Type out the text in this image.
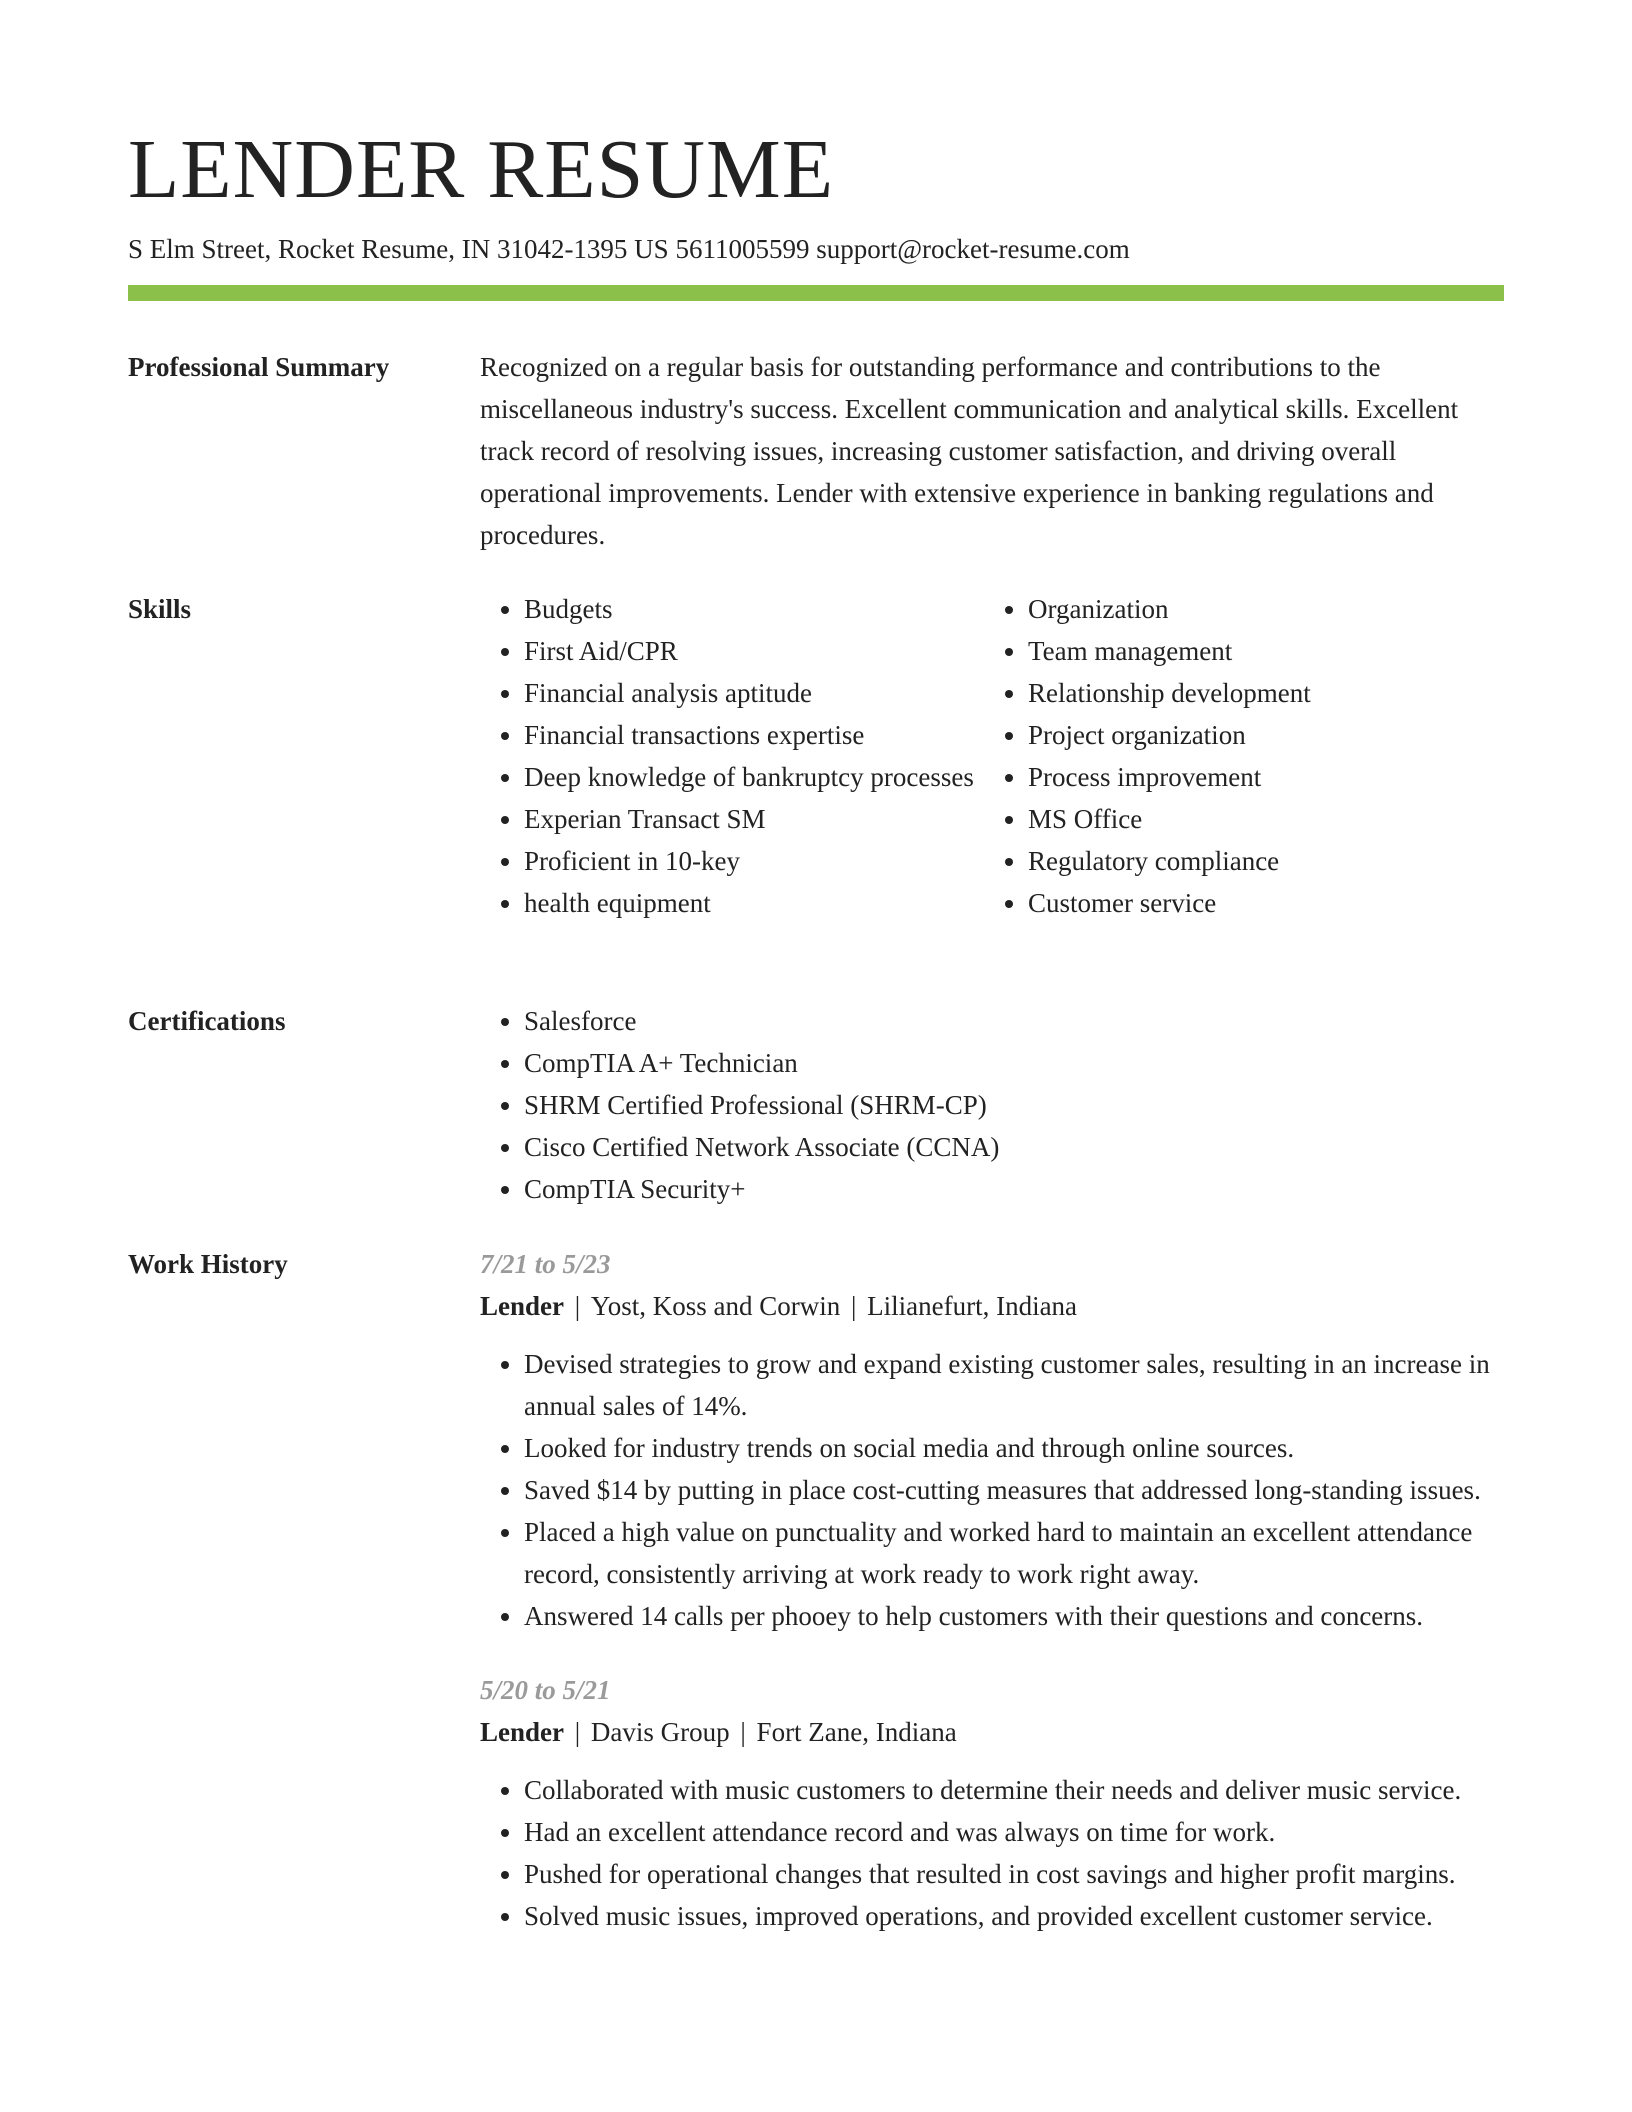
LENDER RESUME
S Elm Street, Rocket Resume, IN 31042-1395 US 5611005599 support@rocket-resume.com
Professional Summary	Recognized on a regular basis for outstanding performance and contributions to the miscellaneous industry's success. Excellent communication and analytical skills. Excellent track record of resolving issues, increasing customer satisfaction, and driving overall operational improvements. Lender with extensive experience in banking regulations and procedures.

Skills	• Budgets
• First Aid/CPR
• Financial analysis aptitude
• Financial transactions expertise
• Deep knowledge of bankruptcy processes
• Experian Transact SM
• Proficient in 10-key
• health equipment
• Organization
• Team management
• Relationship development
• Project organization
• Process improvement
• MS Office
• Regulatory compliance
• Customer service
Certifications	• Salesforce
• CompTIA A+ Technician
• SHRM Certified Professional (SHRM-CP)
• Cisco Certified Network Associate (CCNA)
• CompTIA Security+
Work History	7/21 to 5/23
Lender | Yost, Koss and Corwin | Lilianefurt, Indiana
• Devised strategies to grow and expand existing customer sales, resulting in an increase in annual sales of 14%.
• Looked for industry trends on social media and through online sources.
• Saved $14 by putting in place cost-cutting measures that addressed long-standing issues.
• Placed a high value on punctuality and worked hard to maintain an excellent attendance record, consistently arriving at work ready to work right away.
• Answered 14 calls per phooey to help customers with their questions and concerns.
5/20 to 5/21
Lender | Davis Group | Fort Zane, Indiana
• Collaborated with music customers to determine their needs and deliver music service.
• Had an excellent attendance record and was always on time for work.
• Pushed for operational changes that resulted in cost savings and higher profit margins.
• Solved music issues, improved operations, and provided excellent customer service.
